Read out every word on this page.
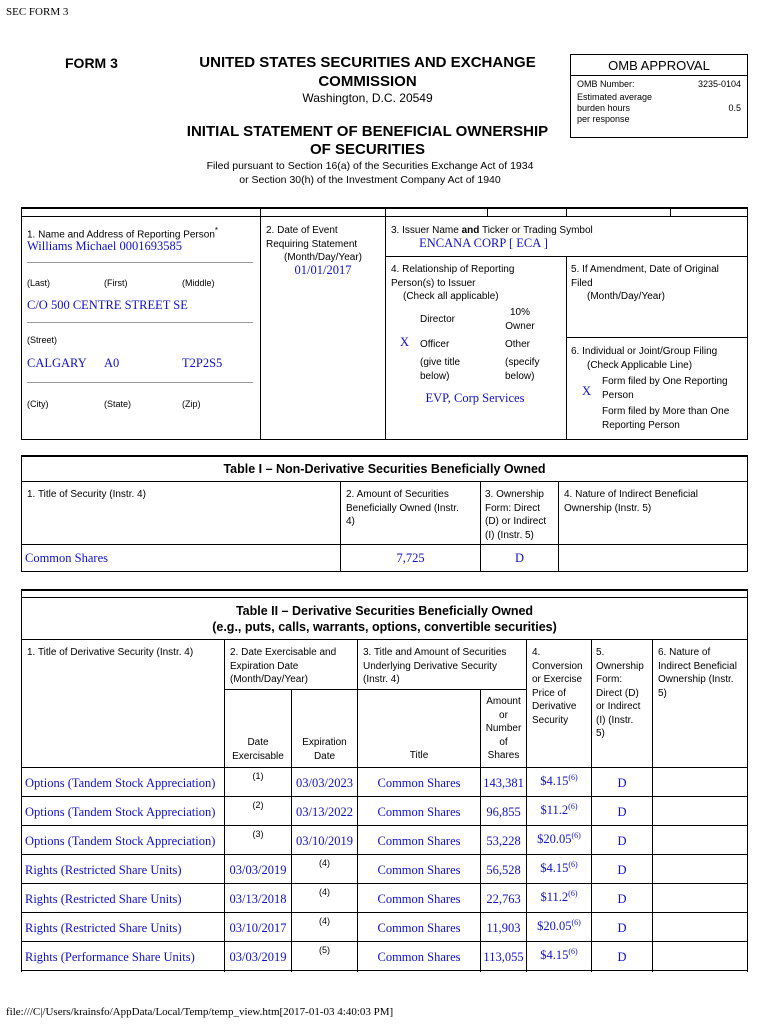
SEC FORM 3
FORM 3	UNITED STATES SECURITIES AND EXCHANGE
COMMISSION
Washington, D.C. 20549
OMB APPROVAL
OMB Number:	3235-0104
Estimated average
burden hours
per response
0.5
INITIAL STATEMENT OF BENEFICIAL OWNERSHIP
OF SECURITIES
Filed pursuant to Section 16(a) of the Securities Exchange Act of 1934
or Section 30(h) of the Investment Company Act of 1940
1. Name and Address of Reporting Person*
Williams Michael 0001693585
(Last)	(First)	(Middle)
C/O 500 CENTRE STREET SE
(Street)
CALGARY A0	T2P2S5
(City)	(State)	(Zip)
2. Date of Event
Requiring Statement
(Month/Day/Year)
01/01/2017
3. Issuer Name and Ticker or Trading Symbol
ENCANA CORP [ ECA ]
4. Relationship of Reporting
Person(s) to Issuer
(Check all applicable)
Director
10%
Owner
X Officer	Other
(give title
below)
(specify
below)
EVP, Corp Services
5. If Amendment, Date of Original
Filed
(Month/Day/Year)
6. Individual or Joint/Group Filing
(Check Applicable Line)
Form filed by One Reporting
Person
X
Form filed by More than One
Reporting Person
Table I – Non-Derivative Securities Beneficially Owned
1. Title of Security (Instr. 4)	2. Amount of Securities
Beneficially Owned (Instr.
4)
3. Ownership
Form: Direct
(D) or Indirect
(I) (Instr. 5)
4. Nature of Indirect Beneficial
Ownership (Instr. 5)
Common Shares	7,725	D
Table II – Derivative Securities Beneficially Owned
(e.g., puts, calls, warrants, options, convertible securities)
1. Title of Derivative Security (Instr. 4)	2. Date Exercisable and
Expiration Date
(Month/Day/Year)
3. Title and Amount of Securities
Underlying Derivative Security
(Instr. 4)
4.
Conversion
or Exercise
Price of
Derivative
Security
5.
Ownership
Form:
Direct (D)
or Indirect
(I) (Instr.
5)
6. Nature of
Indirect Beneficial
Ownership (Instr.
5)
Date
Exercisable
Expiration
Date	Title
Amount
or
Number
of
Shares
Options (Tandem Stock Appreciation)	(1)	03/03/2023	Common Shares	143,381	$4.15$^{(6)}$	D
Options (Tandem Stock Appreciation)	(2)	03/13/2022	Common Shares	96,855	$11.2$^{(6)}$	D
Options (Tandem Stock Appreciation)	(3)	03/10/2019	Common Shares	53,228	$20.05$^{(6)}$	D
Rights (Restricted Share Units)	03/03/2019	(4)	Common Shares	56,528	$4.15$^{(6)}$	D
Rights (Restricted Share Units)	03/13/2018	(4)	Common Shares	22,763	$11.2$^{(6)}$	D
Rights (Restricted Share Units)	03/10/2017	(4)	Common Shares	11,903	$20.05$^{(6)}$	D
Rights (Performance Share Units)	03/03/2019	(5)	Common Shares	113,055	$4.15$^{(6)}$	D
file:///C|/Users/krainsfo/AppData/Local/Temp/temp_view.htm[2017-01-03 4:40:03 PM]
